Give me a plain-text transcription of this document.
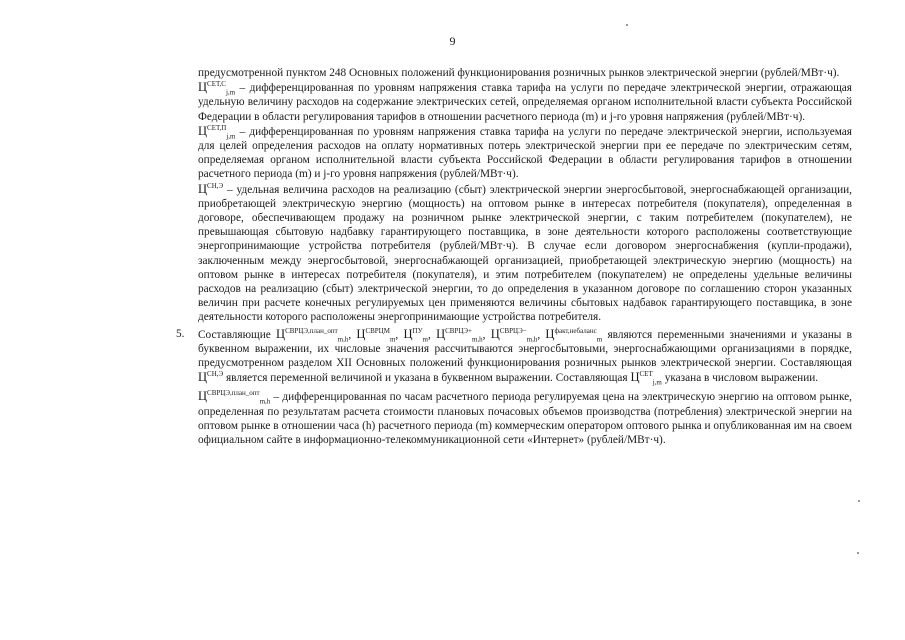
9

предусмотренной пунктом 248 Основных положений функционирования розничных рынков электрической энергии (рублей/МВт·ч).

$Ц^{СЕТ,С}_{j,m}$ – дифференцированная по уровням напряжения ставка тарифа на услуги по передаче электрической энергии, отражающая удельную величину расходов на содержание электрических сетей, определяемая органом исполнительной власти субъекта Российской Федерации в области регулирования тарифов в отношении расчетного периода (m) и j-го уровня напряжения (рублей/МВт·ч).

$Ц^{СЕТ,П}_{j,m}$ – дифференцированная по уровням напряжения ставка тарифа на услуги по передаче электрической энергии, используемая для целей определения расходов на оплату нормативных потерь электрической энергии при ее передаче по электрическим сетям, определяемая органом исполнительной власти субъекта Российской Федерации в области регулирования тарифов в отношении расчетного периода (m) и j-го уровня напряжения (рублей/МВт·ч).

$Ц^{СН,Э}$ – удельная величина расходов на реализацию (сбыт) электрической энергии энергосбытовой, энергоснабжающей организации, приобретающей электрическую энергию (мощность) на оптовом рынке в интересах потребителя (покупателя), определенная в договоре, обеспечивающем продажу на розничном рынке электрической энергии, с таким потребителем (покупателем), не превышающая сбытовую надбавку гарантирующего поставщика, в зоне деятельности которого расположены соответствующие энергопринимающие устройства потребителя (рублей/МВт·ч). В случае если договором энергоснабжения (купли-продажи), заключенным между энергосбытовой, энергоснабжающей организацией, приобретающей электрическую энергию (мощность) на оптовом рынке в интересах потребителя (покупателя), и этим потребителем (покупателем) не определены удельные величины расходов на реализацию (сбыт) электрической энергии, то до определения в указанном договоре по соглашению сторон указанных величин при расчете конечных регулируемых цен применяются величины сбытовых надбавок гарантирующего поставщика, в зоне деятельности которого расположены энергопринимающие устройства потребителя.

5. Составляющие $Ц^{СВРЦЭ,план\_опт}_{m,h}$, $Ц^{СВРЦМ}_m$, $Ц^{ПУ}_m$, $Ц^{СВРЦЭ+}_{m,h}$, $Ц^{СВРЦЭ-}_{m,h}$, $Ц^{факт,небаланс}_m$ являются переменными значениями и указаны в буквенном выражении, их числовые значения рассчитываются энергосбытовыми, энергоснабжающими организациями в порядке, предусмотренном разделом XII Основных положений функционирования розничных рынков электрической энергии. Составляющая $Ц^{СН,Э}$ является переменной величиной и указана в буквенном выражении. Составляющая $Ц^{СЕТ}_{j,m}$ указана в числовом выражении.

$Ц^{СВРЦЭ,план\_опт}_{m,h}$ – дифференцированная по часам расчетного периода регулируемая цена на электрическую энергию на оптовом рынке, определенная по результатам расчета стоимости плановых почасовых объемов производства (потребления) электрической энергии на оптовом рынке в отношении часа (h) расчетного периода (m) коммерческим оператором оптового рынка и опубликованная им на своем официальном сайте в информационно-телекоммуникационной сети «Интернет» (рублей/МВт·ч).
